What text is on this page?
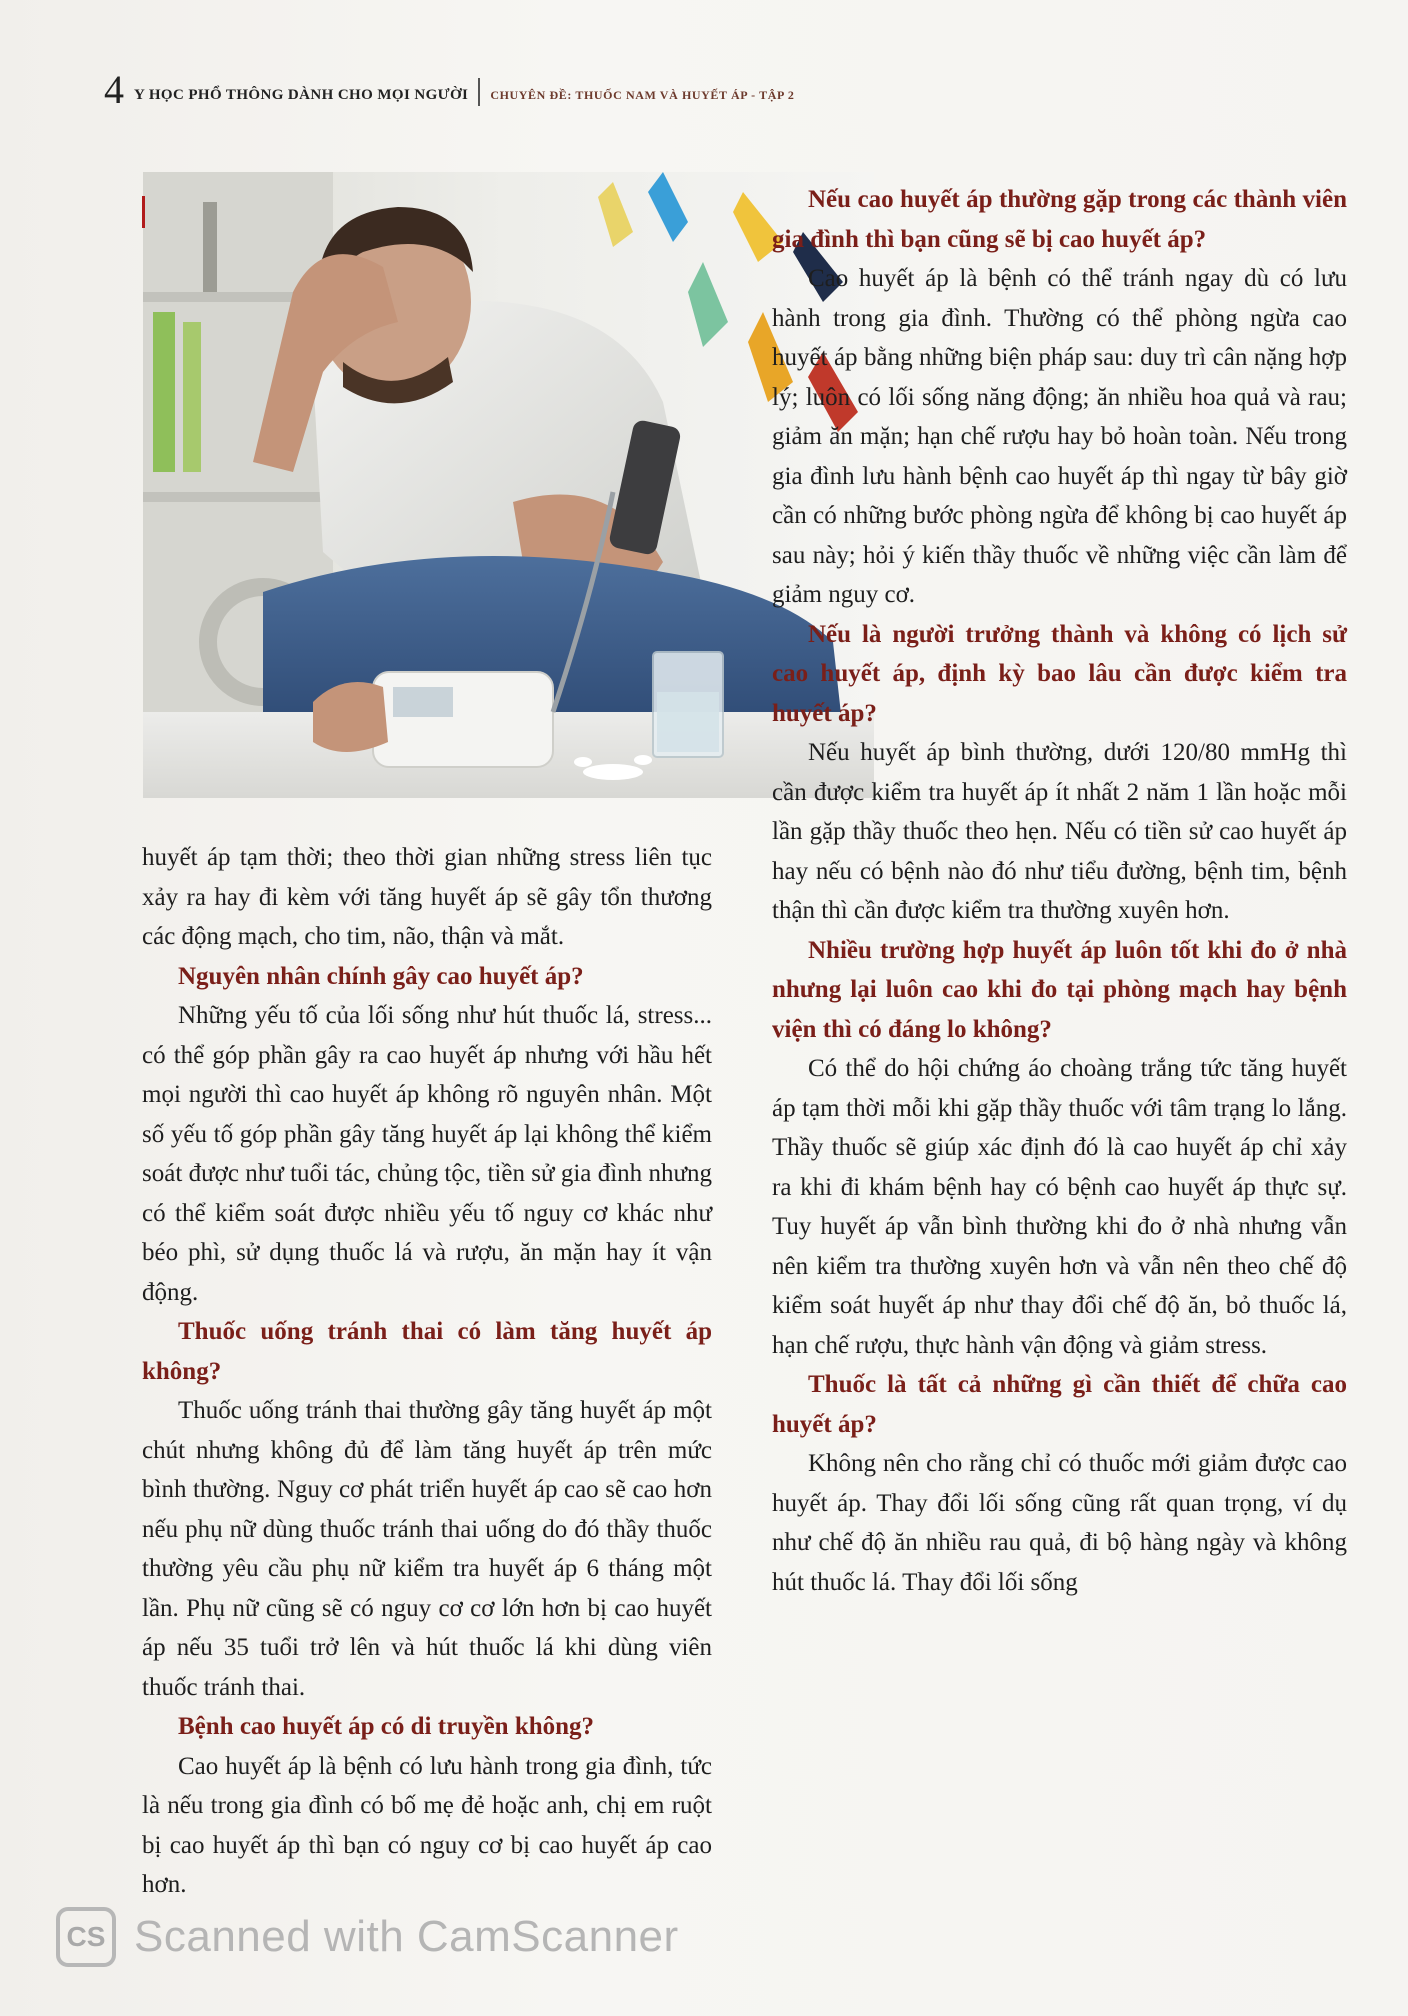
4 Y HỌC PHỔ THÔNG DÀNH CHO MỌI NGƯỜI CHUYÊN ĐỀ: THUỐC NAM VÀ HUYẾT ÁP - TẬP 2

huyết áp tạm thời; theo thời gian những stress liên tục xảy ra hay đi kèm với tăng huyết áp sẽ gây tổn thương các động mạch, cho tim, não, thận và mắt.

Nguyên nhân chính gây cao huyết áp?

Những yếu tố của lối sống như hút thuốc lá, stress... có thể góp phần gây ra cao huyết áp nhưng với hầu hết mọi người thì cao huyết áp không rõ nguyên nhân. Một số yếu tố góp phần gây tăng huyết áp lại không thể kiểm soát được như tuổi tác, chủng tộc, tiền sử gia đình nhưng có thể kiểm soát được nhiều yếu tố nguy cơ khác như béo phì, sử dụng thuốc lá và rượu, ăn mặn hay ít vận động.

Thuốc uống tránh thai có làm tăng huyết áp không?

Thuốc uống tránh thai thường gây tăng huyết áp một chút nhưng không đủ để làm tăng huyết áp trên mức bình thường. Nguy cơ phát triển huyết áp cao sẽ cao hơn nếu phụ nữ dùng thuốc tránh thai uống do đó thầy thuốc thường yêu cầu phụ nữ kiểm tra huyết áp 6 tháng một lần. Phụ nữ cũng sẽ có nguy cơ cơ lớn hơn bị cao huyết áp nếu 35 tuổi trở lên và hút thuốc lá khi dùng viên thuốc tránh thai.

Bệnh cao huyết áp có di truyền không?

Cao huyết áp là bệnh có lưu hành trong gia đình, tức là nếu trong gia đình có bố mẹ đẻ hoặc anh, chị em ruột bị cao huyết áp thì bạn có nguy cơ bị cao huyết áp cao hơn.

Nếu cao huyết áp thường gặp trong các thành viên gia đình thì bạn cũng sẽ bị cao huyết áp?

Cao huyết áp là bệnh có thể tránh ngay dù có lưu hành trong gia đình. Thường có thể phòng ngừa cao huyết áp bằng những biện pháp sau: duy trì cân nặng hợp lý; luôn có lối sống năng động; ăn nhiều hoa quả và rau; giảm ăn mặn; hạn chế rượu hay bỏ hoàn toàn. Nếu trong gia đình lưu hành bệnh cao huyết áp thì ngay từ bây giờ cần có những bước phòng ngừa để không bị cao huyết áp sau này; hỏi ý kiến thầy thuốc về những việc cần làm để giảm nguy cơ.

Nếu là người trưởng thành và không có lịch sử cao huyết áp, định kỳ bao lâu cần được kiểm tra huyết áp?

Nếu huyết áp bình thường, dưới 120/80 mmHg thì cần được kiểm tra huyết áp ít nhất 2 năm 1 lần hoặc mỗi lần gặp thầy thuốc theo hẹn. Nếu có tiền sử cao huyết áp hay nếu có bệnh nào đó như tiểu đường, bệnh tim, bệnh thận thì cần được kiểm tra thường xuyên hơn.

Nhiều trường hợp huyết áp luôn tốt khi đo ở nhà nhưng lại luôn cao khi đo tại phòng mạch hay bệnh viện thì có đáng lo không?

Có thể do hội chứng áo choàng trắng tức tăng huyết áp tạm thời mỗi khi gặp thầy thuốc với tâm trạng lo lắng. Thầy thuốc sẽ giúp xác định đó là cao huyết áp chỉ xảy ra khi đi khám bệnh hay có bệnh cao huyết áp thực sự. Tuy huyết áp vẫn bình thường khi đo ở nhà nhưng vẫn nên kiểm tra thường xuyên hơn và vẫn nên theo chế độ kiểm soát huyết áp như thay đổi chế độ ăn, bỏ thuốc lá, hạn chế rượu, thực hành vận động và giảm stress.

Thuốc là tất cả những gì cần thiết để chữa cao huyết áp?

Không nên cho rằng chỉ có thuốc mới giảm được cao huyết áp. Thay đổi lối sống cũng rất quan trọng, ví dụ như chế độ ăn nhiều rau quả, đi bộ hàng ngày và không hút thuốc lá. Thay đổi lối sống

CS Scanned with CamScanner
